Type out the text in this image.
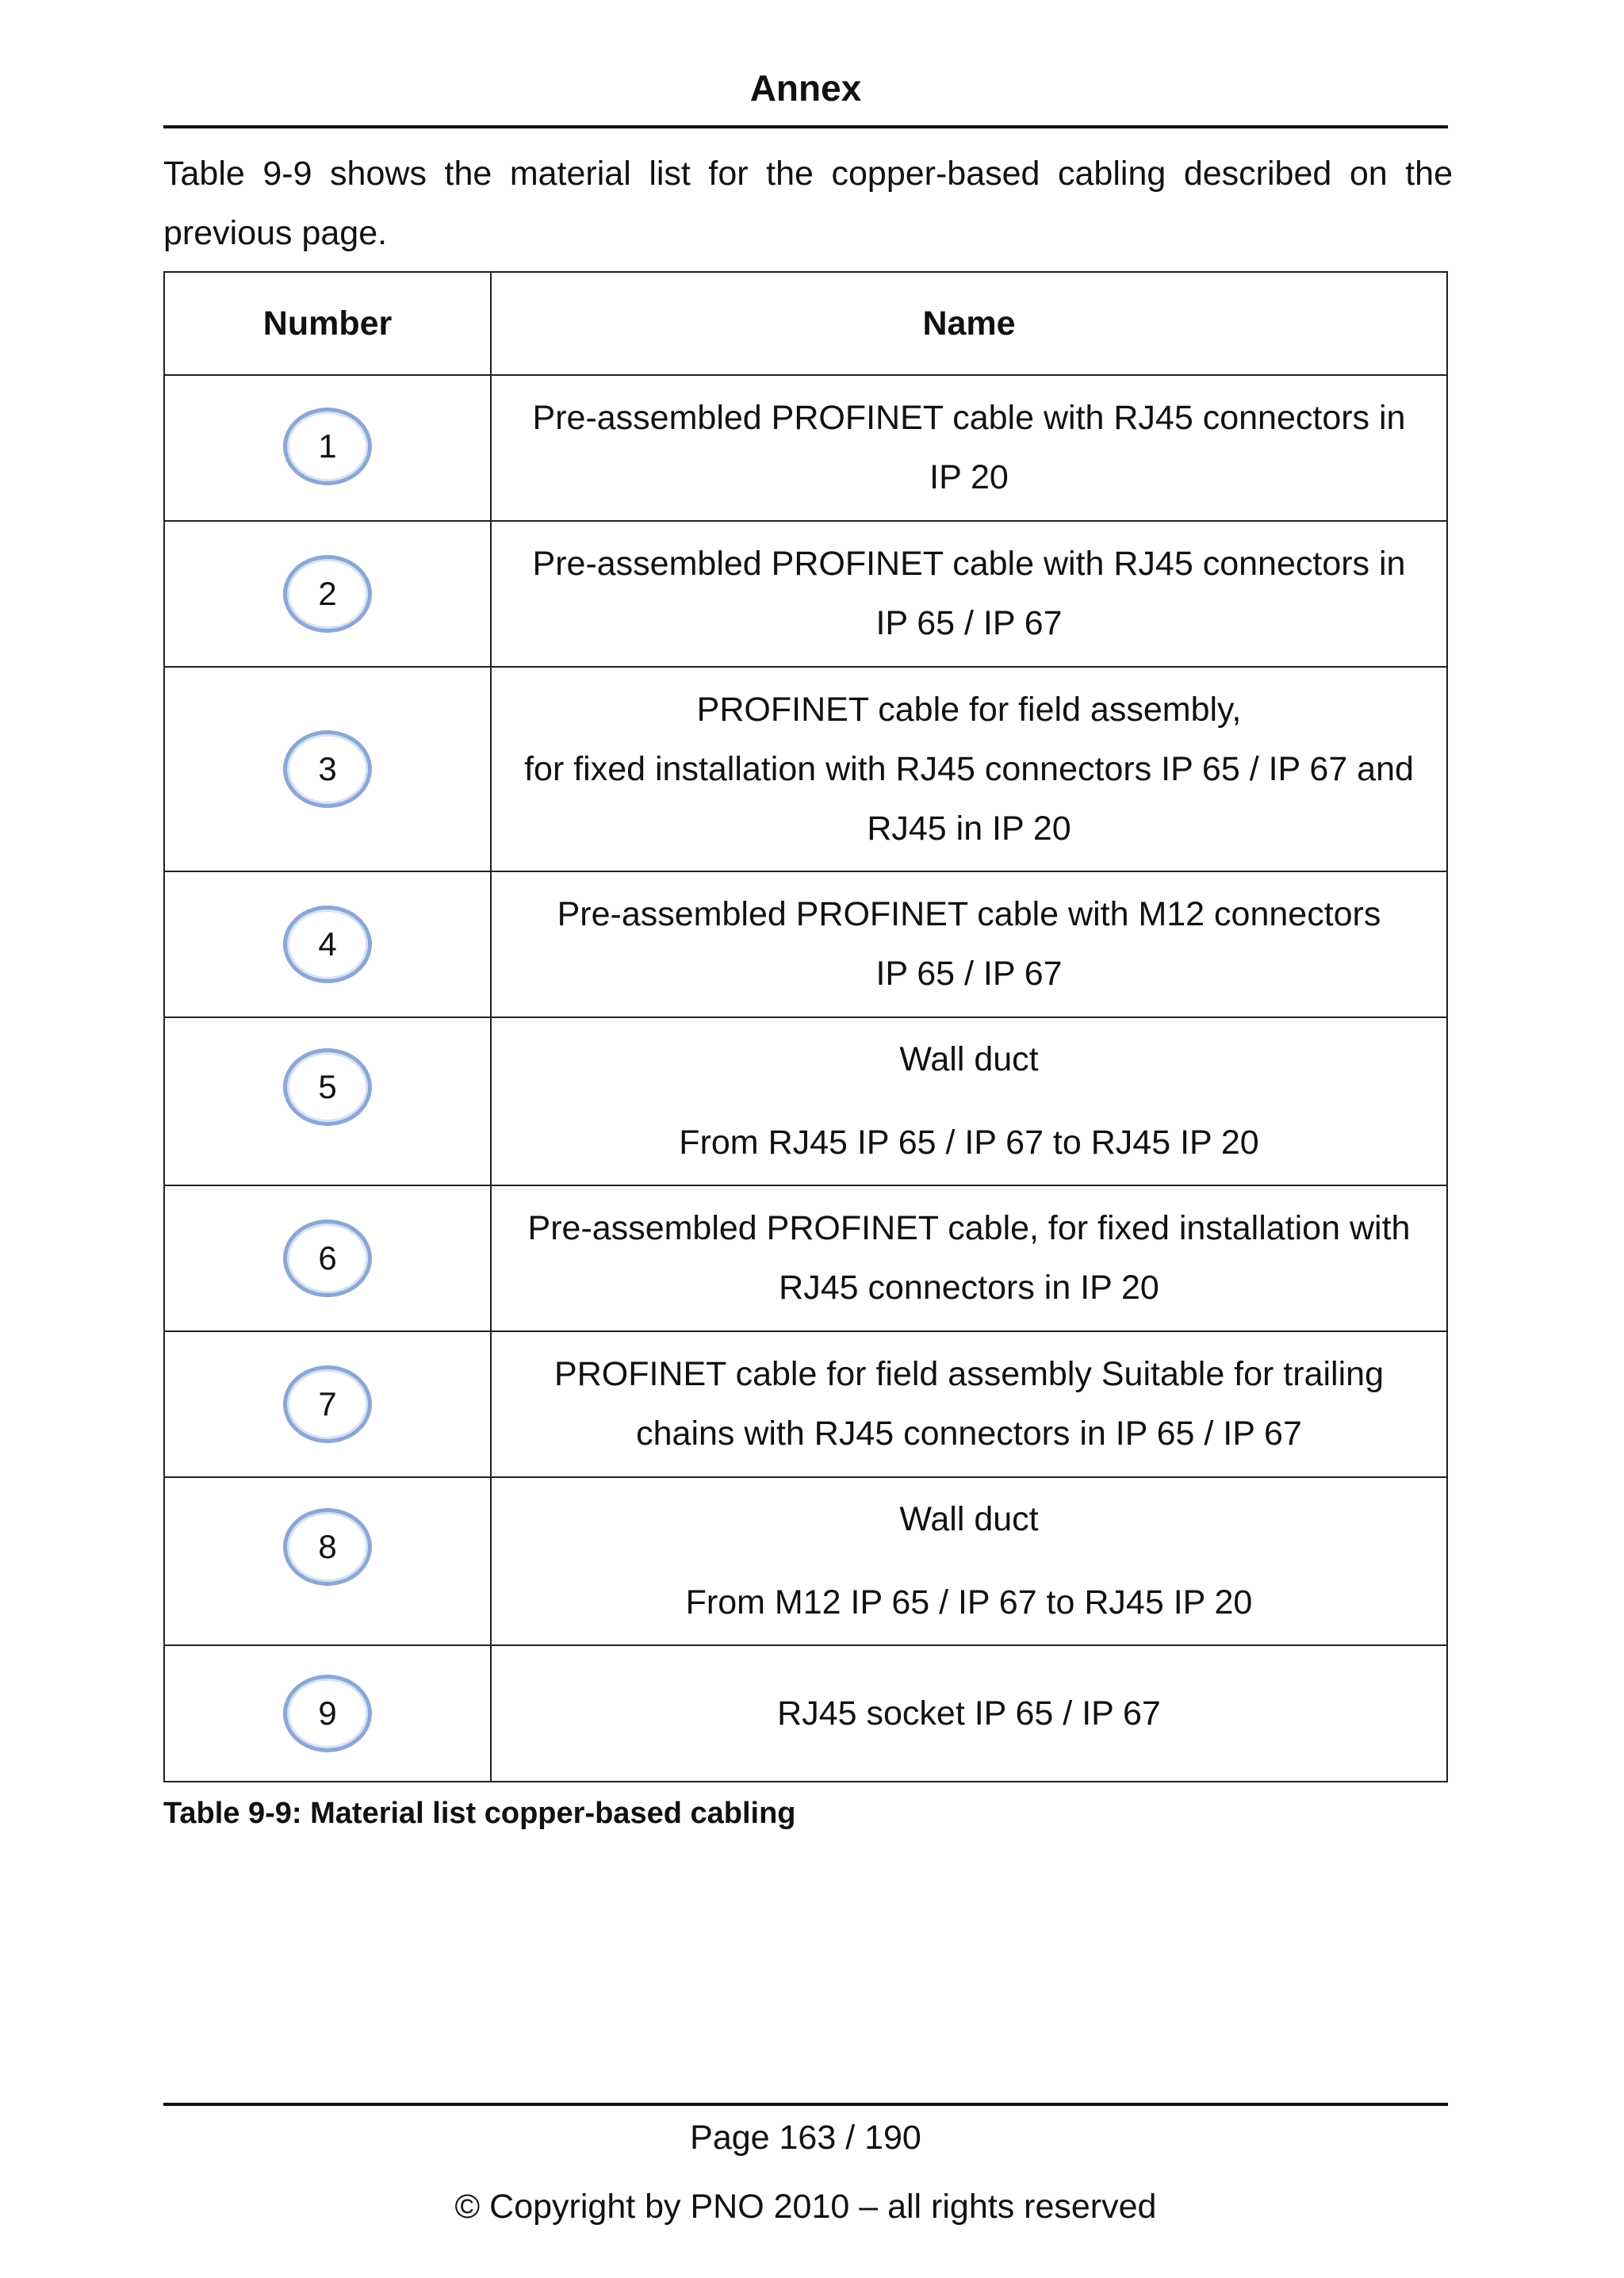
Annex
Table 9-9 shows the material list for the copper-based cabling described on the previous page.
Number	Name
1	Pre-assembled PROFINET cable with RJ45 connectors in
IP 20

2	Pre-assembled PROFINET cable with RJ45 connectors in
IP 65 / IP 67

3	PROFINET cable for field assembly,
for fixed installation with RJ45 connectors IP 65 / IP 67 and
RJ45 in IP 20

4	Pre-assembled PROFINET cable with M12 connectors
IP 65 / IP 67

5	Wall duct
From RJ45 IP 65 / IP 67 to RJ45 IP 20

6	Pre-assembled PROFINET cable, for fixed installation with
RJ45 connectors in IP 20

7	PROFINET cable for field assembly Suitable for trailing
chains with RJ45 connectors in IP 65 / IP 67

8	Wall duct
From M12 IP 65 / IP 67 to RJ45 IP 20

9	RJ45 socket IP 65 / IP 67
Table 9-9: Material list copper-based cabling
Page 163 / 190
© Copyright by PNO 2010 – all rights reserved
